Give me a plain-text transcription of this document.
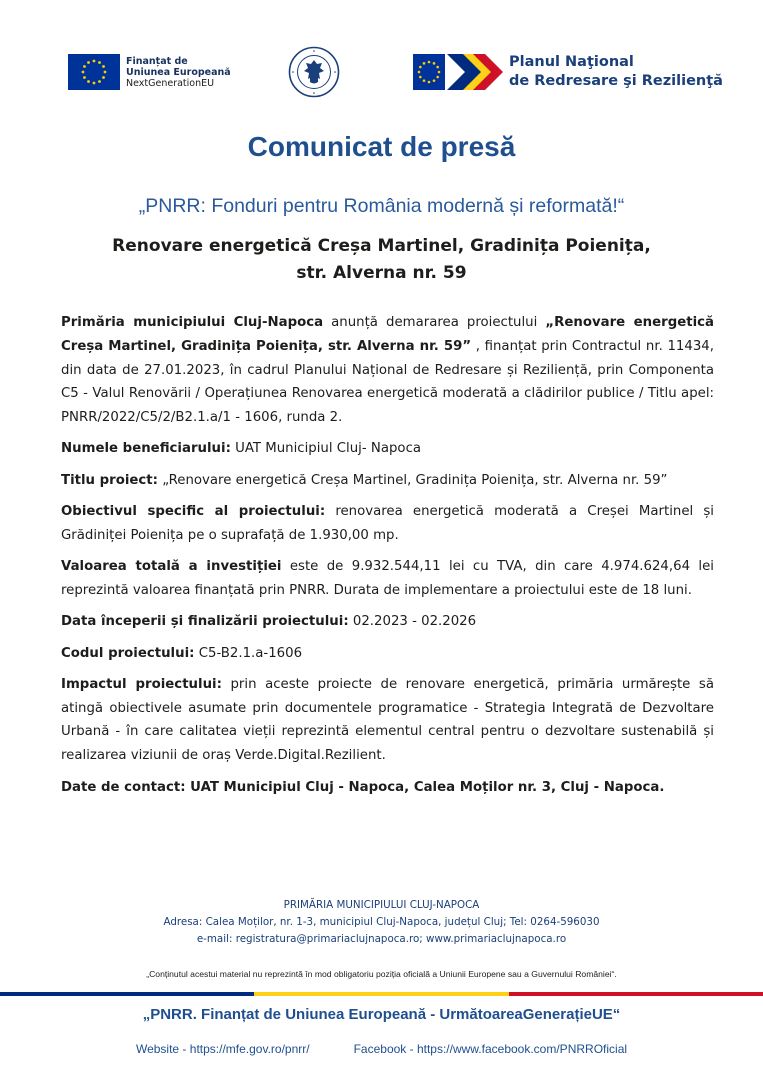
Finanțat de
Uniunea Europeană
NextGenerationEU
Planul Naţional
de Redresare şi Rezilienţă
Comunicat de presă
„PNRR: Fonduri pentru România modernă și reformată!“
Renovare energetică Creșa Martinel, Gradinița Poienița,
str. Alverna nr. 59

Primăria municipiului Cluj-Napoca anunță demararea proiectului „Renovare energetică Creșa Martinel, Gradinița Poienița, str. Alverna nr. 59” , finanțat prin Contractul nr. 11434, din data de 27.01.2023, în cadrul Planului Național de Redresare și Reziliență, prin Componenta C5 - Valul Renovării / Operațiunea Renovarea energetică moderată a clădirilor publice / Titlu apel: PNRR/2022/C5/2/B2.1.a/1 - 1606, runda 2.

Numele beneficiarului: UAT Municipiul Cluj- Napoca

Titlu proiect: „Renovare energetică Creșa Martinel, Gradinița Poienița, str. Alverna nr. 59”

Obiectivul specific al proiectului: renovarea energetică moderată a Creșei Martinel și Grădiniței Poienița pe o suprafață de 1.930,00 mp.

Valoarea totală a investiției este de 9.932.544,11 lei cu TVA, din care 4.974.624,64 lei reprezintă valoarea finanțată prin PNRR. Durata de implementare a proiectului este de 18 luni.

Data începerii și finalizării proiectului: 02.2023 - 02.2026

Codul proiectului: C5-B2.1.a-1606

Impactul proiectului: prin aceste proiecte de renovare energetică, primăria urmărește să atingă obiectivele asumate prin documentele programatice - Strategia Integrată de Dezvoltare Urbană - în care calitatea vieții reprezintă elementul central pentru o dezvoltare sustenabilă și realizarea viziunii de oraș Verde.Digital.Rezilient.

Date de contact: UAT Municipiul Cluj - Napoca, Calea Moților nr. 3, Cluj - Napoca.

PRIMĂRIA MUNICIPIULUI CLUJ-NAPOCA
Adresa: Calea Moților, nr. 1-3, municipiul Cluj-Napoca, județul Cluj; Tel: 0264-596030
e-mail: registratura@primariaclujnapoca.ro; www.primariaclujnapoca.ro
„Conținutul acestui material nu reprezintă în mod obligatoriu poziția oficială a Uniunii Europene sau a Guvernului României“.
„PNRR. Finanțat de Uniunea Europeană - UrmătoareaGenerațieUE“
Website - https://mfe.gov.ro/pnrr/	Facebook - https://www.facebook.com/PNRROficial
